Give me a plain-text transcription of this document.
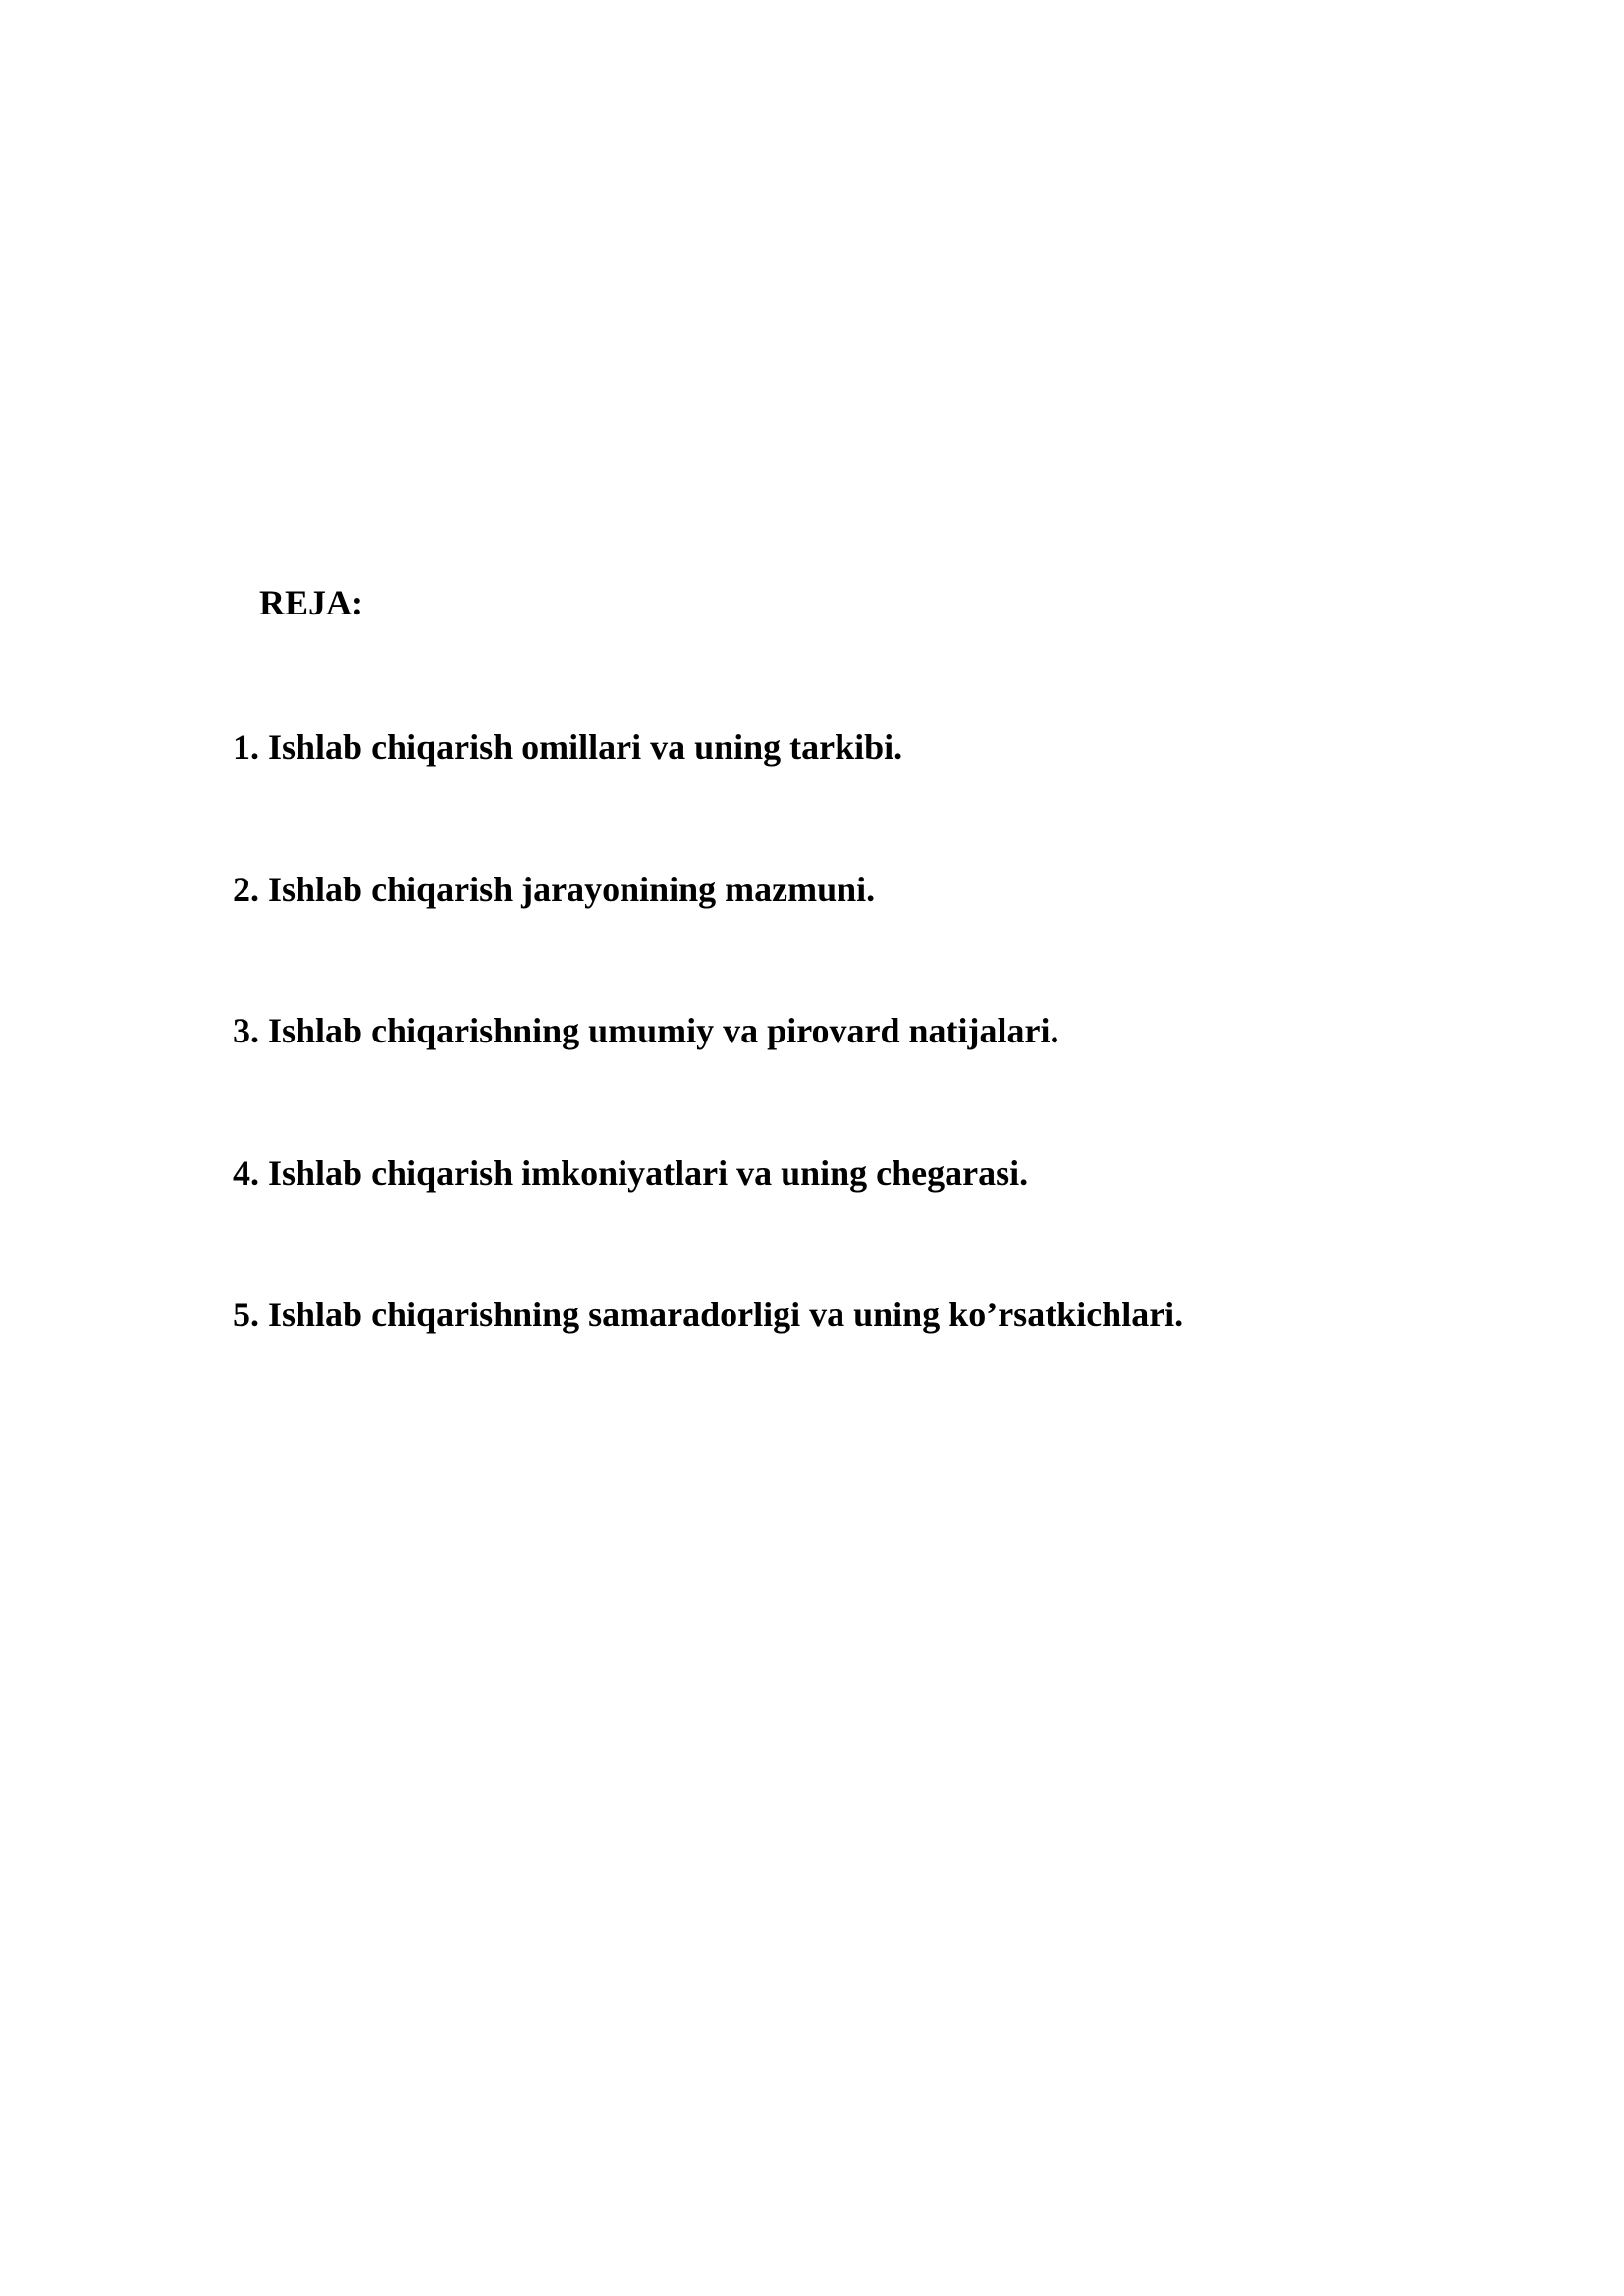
REJA:
1. Ishlab chiqarish omillari va uning tarkibi.
2. Ishlab chiqarish jarayonining mazmuni.
3. Ishlab chiqarishning umumiy va pirovard natijalari.
4. Ishlab chiqarish imkoniyatlari va uning chegarasi.
5. Ishlab chiqarishning samaradorligi va uning ko’rsatkichlari.
